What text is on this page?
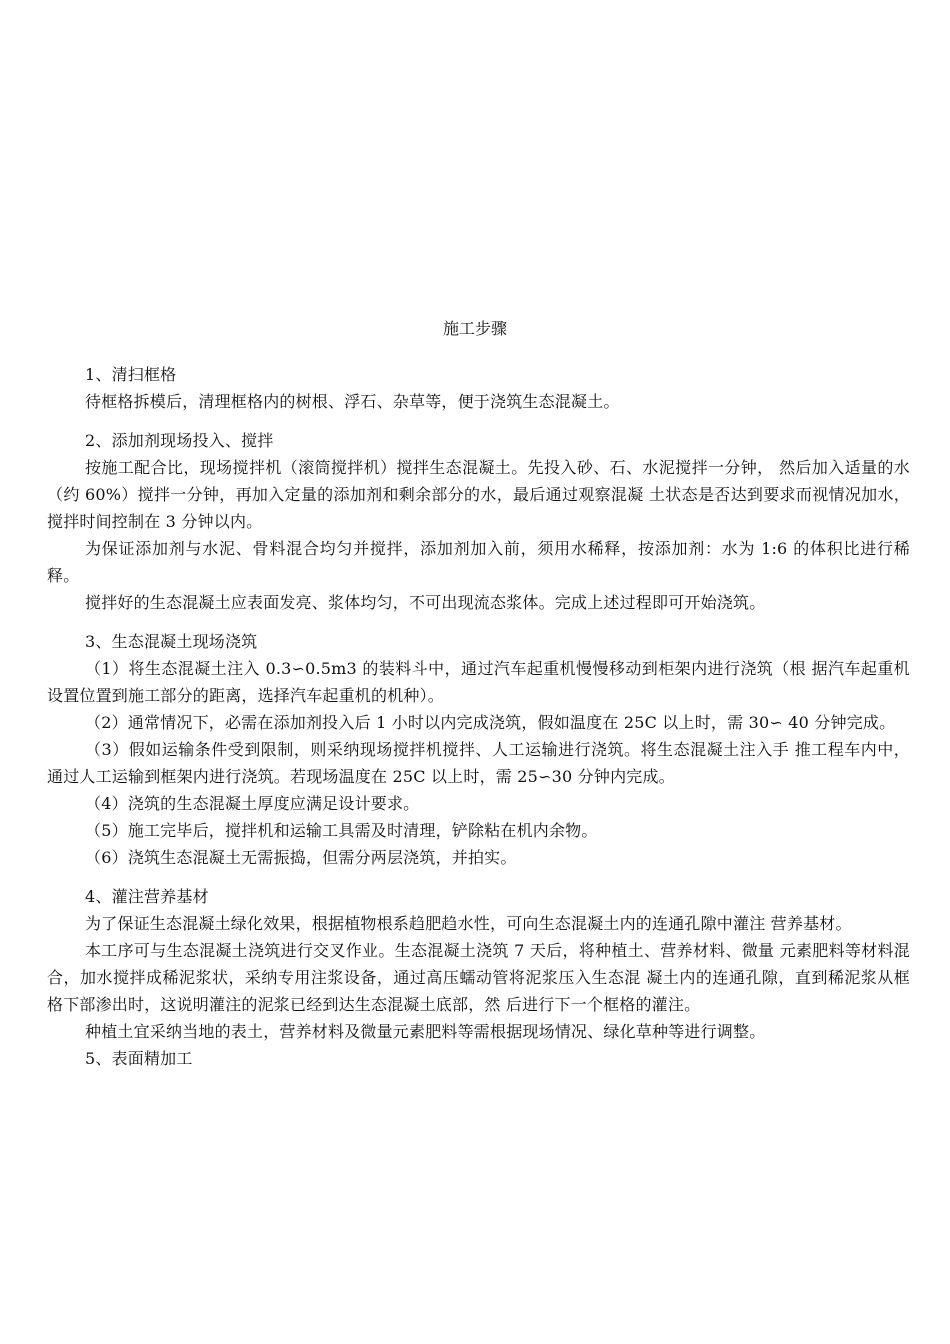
施工步骤

1、清扫框格

待框格拆模后，清理框格内的树根、浮石、杂草等，便于浇筑生态混凝土。

2、添加剂现场投入、搅拌

按施工配合比，现场搅拌机（滚筒搅拌机）搅拌生态混凝土。先投入砂、石、水泥搅拌一分钟， 然后加入适量的水（约 60%）搅拌一分钟，再加入定量的添加剂和剩余部分的水，最后通过观察混凝 土状态是否达到要求而视情况加水，搅拌时间控制在 3 分钟以内。

为保证添加剂与水泥、骨料混合均匀并搅拌，添加剂加入前，须用水稀释，按添加剂：水为 1:6 的体积比进行稀释。

搅拌好的生态混凝土应表面发亮、浆体均匀，不可出现流态浆体。完成上述过程即可开始浇筑。

3、生态混凝土现场浇筑

（1）将生态混凝土注入 0.3∽0.5m3 的装料斗中，通过汽车起重机慢慢移动到柜架内进行浇筑（根 据汽车起重机设置位置到施工部分的距离，选择汽车起重机的机种）。

（2）通常情况下，必需在添加剂投入后 1 小时以内完成浇筑，假如温度在 25C 以上时，需 30∽ 40 分钟完成。

（3）假如运输条件受到限制，则采纳现场搅拌机搅拌、人工运输进行浇筑。将生态混凝土注入手 推工程车内中，通过人工运输到框架内进行浇筑。若现场温度在 25C 以上时，需 25∽30 分钟内完成。

（4）浇筑的生态混凝土厚度应满足设计要求。

（5）施工完毕后，搅拌机和运输工具需及时清理，铲除粘在机内余物。

（6）浇筑生态混凝土无需振捣，但需分两层浇筑，并拍实。

4、灌注营养基材

为了保证生态混凝土绿化效果，根据植物根系趋肥趋水性，可向生态混凝土内的连通孔隙中灌注 营养基材。

本工序可与生态混凝土浇筑进行交叉作业。生态混凝土浇筑 7 天后，将种植土、营养材料、微量 元素肥料等材料混合，加水搅拌成稀泥浆状，采纳专用注浆设备，通过高压蠕动管将泥浆压入生态混 凝土内的连通孔隙，直到稀泥浆从框格下部渗出时，这说明灌注的泥浆已经到达生态混凝土底部，然 后进行下一个框格的灌注。

种植土宜采纳当地的表土，营养材料及微量元素肥料等需根据现场情况、绿化草种等进行调整。

5、表面精加工
